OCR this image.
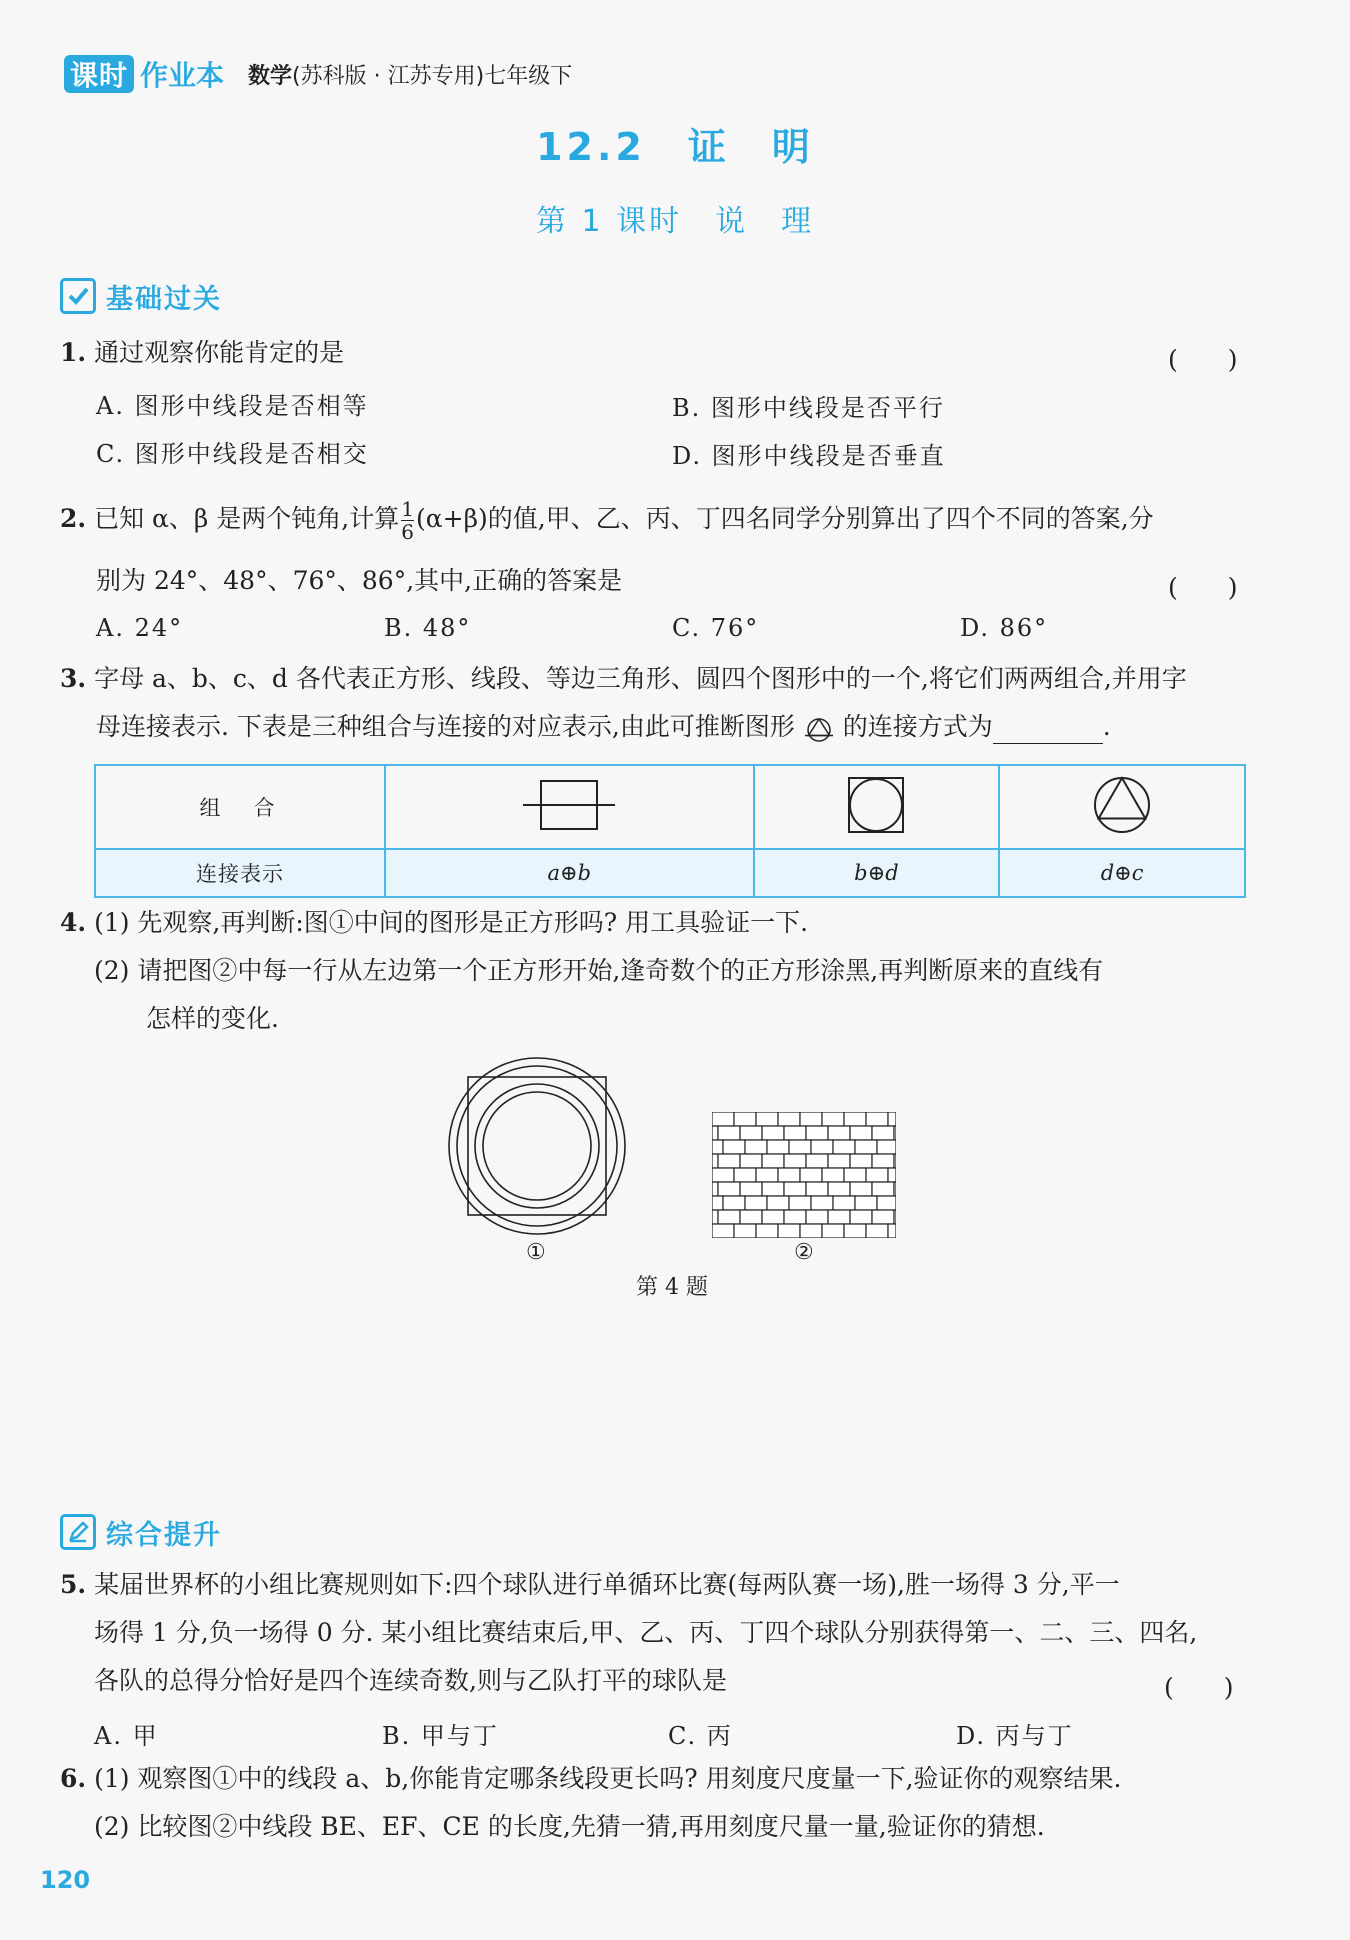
课时 作业本 数学(苏科版 · 江苏专用)七年级下
12.2　证　明
第 1 课时　说　理
基础过关
1. 通过观察你能肯定的是	(　　)
A. 图形中线段是否相等	B. 图形中线段是否平行
C. 图形中线段是否相交	D. 图形中线段是否垂直
2. 已知 α、β 是两个钝角,计算 $\frac{1}{6} (\alpha+\beta)$的值,甲、乙、丙、丁四名同学分别算出了四个不同的答案,分
别为 24°、48°、76°、86°,其中,正确的答案是	(　　)
A. 24°	B. 48°	C. 76°	D. 86°
3. 字母 a、b、c、d 各代表正方形、线段、等边三角形、圆四个图形中的一个,将它们两两组合,并用字
母连接表示. 下表是三种组合与连接的对应表示,由此可推断图形 的连接方式为	.
组　合			
连接表示	a⊕b	b⊕d	d⊕c
4. (1) 先观察,再判断:图①中间的图形是正方形吗? 用工具验证一下.
(2) 请把图②中每一行从左边第一个正方形开始,逢奇数个的正方形涂黑,再判断原来的直线有
怎样的变化.
①	②
第 4 题
综合提升
5. 某届世界杯的小组比赛规则如下:四个球队进行单循环比赛(每两队赛一场),胜一场得 3 分,平一
场得 1 分,负一场得 0 分. 某小组比赛结束后,甲、乙、丙、丁四个球队分别获得第一、二、三、四名,
各队的总得分恰好是四个连续奇数,则与乙队打平的球队是	(　　)
A. 甲	B. 甲与丁	C. 丙	D. 丙与丁
6. (1) 观察图①中的线段 a、b,你能肯定哪条线段更长吗? 用刻度尺度量一下,验证你的观察结果.
(2) 比较图②中线段 BE、EF、CE 的长度,先猜一猜,再用刻度尺量一量,验证你的猜想.
120
